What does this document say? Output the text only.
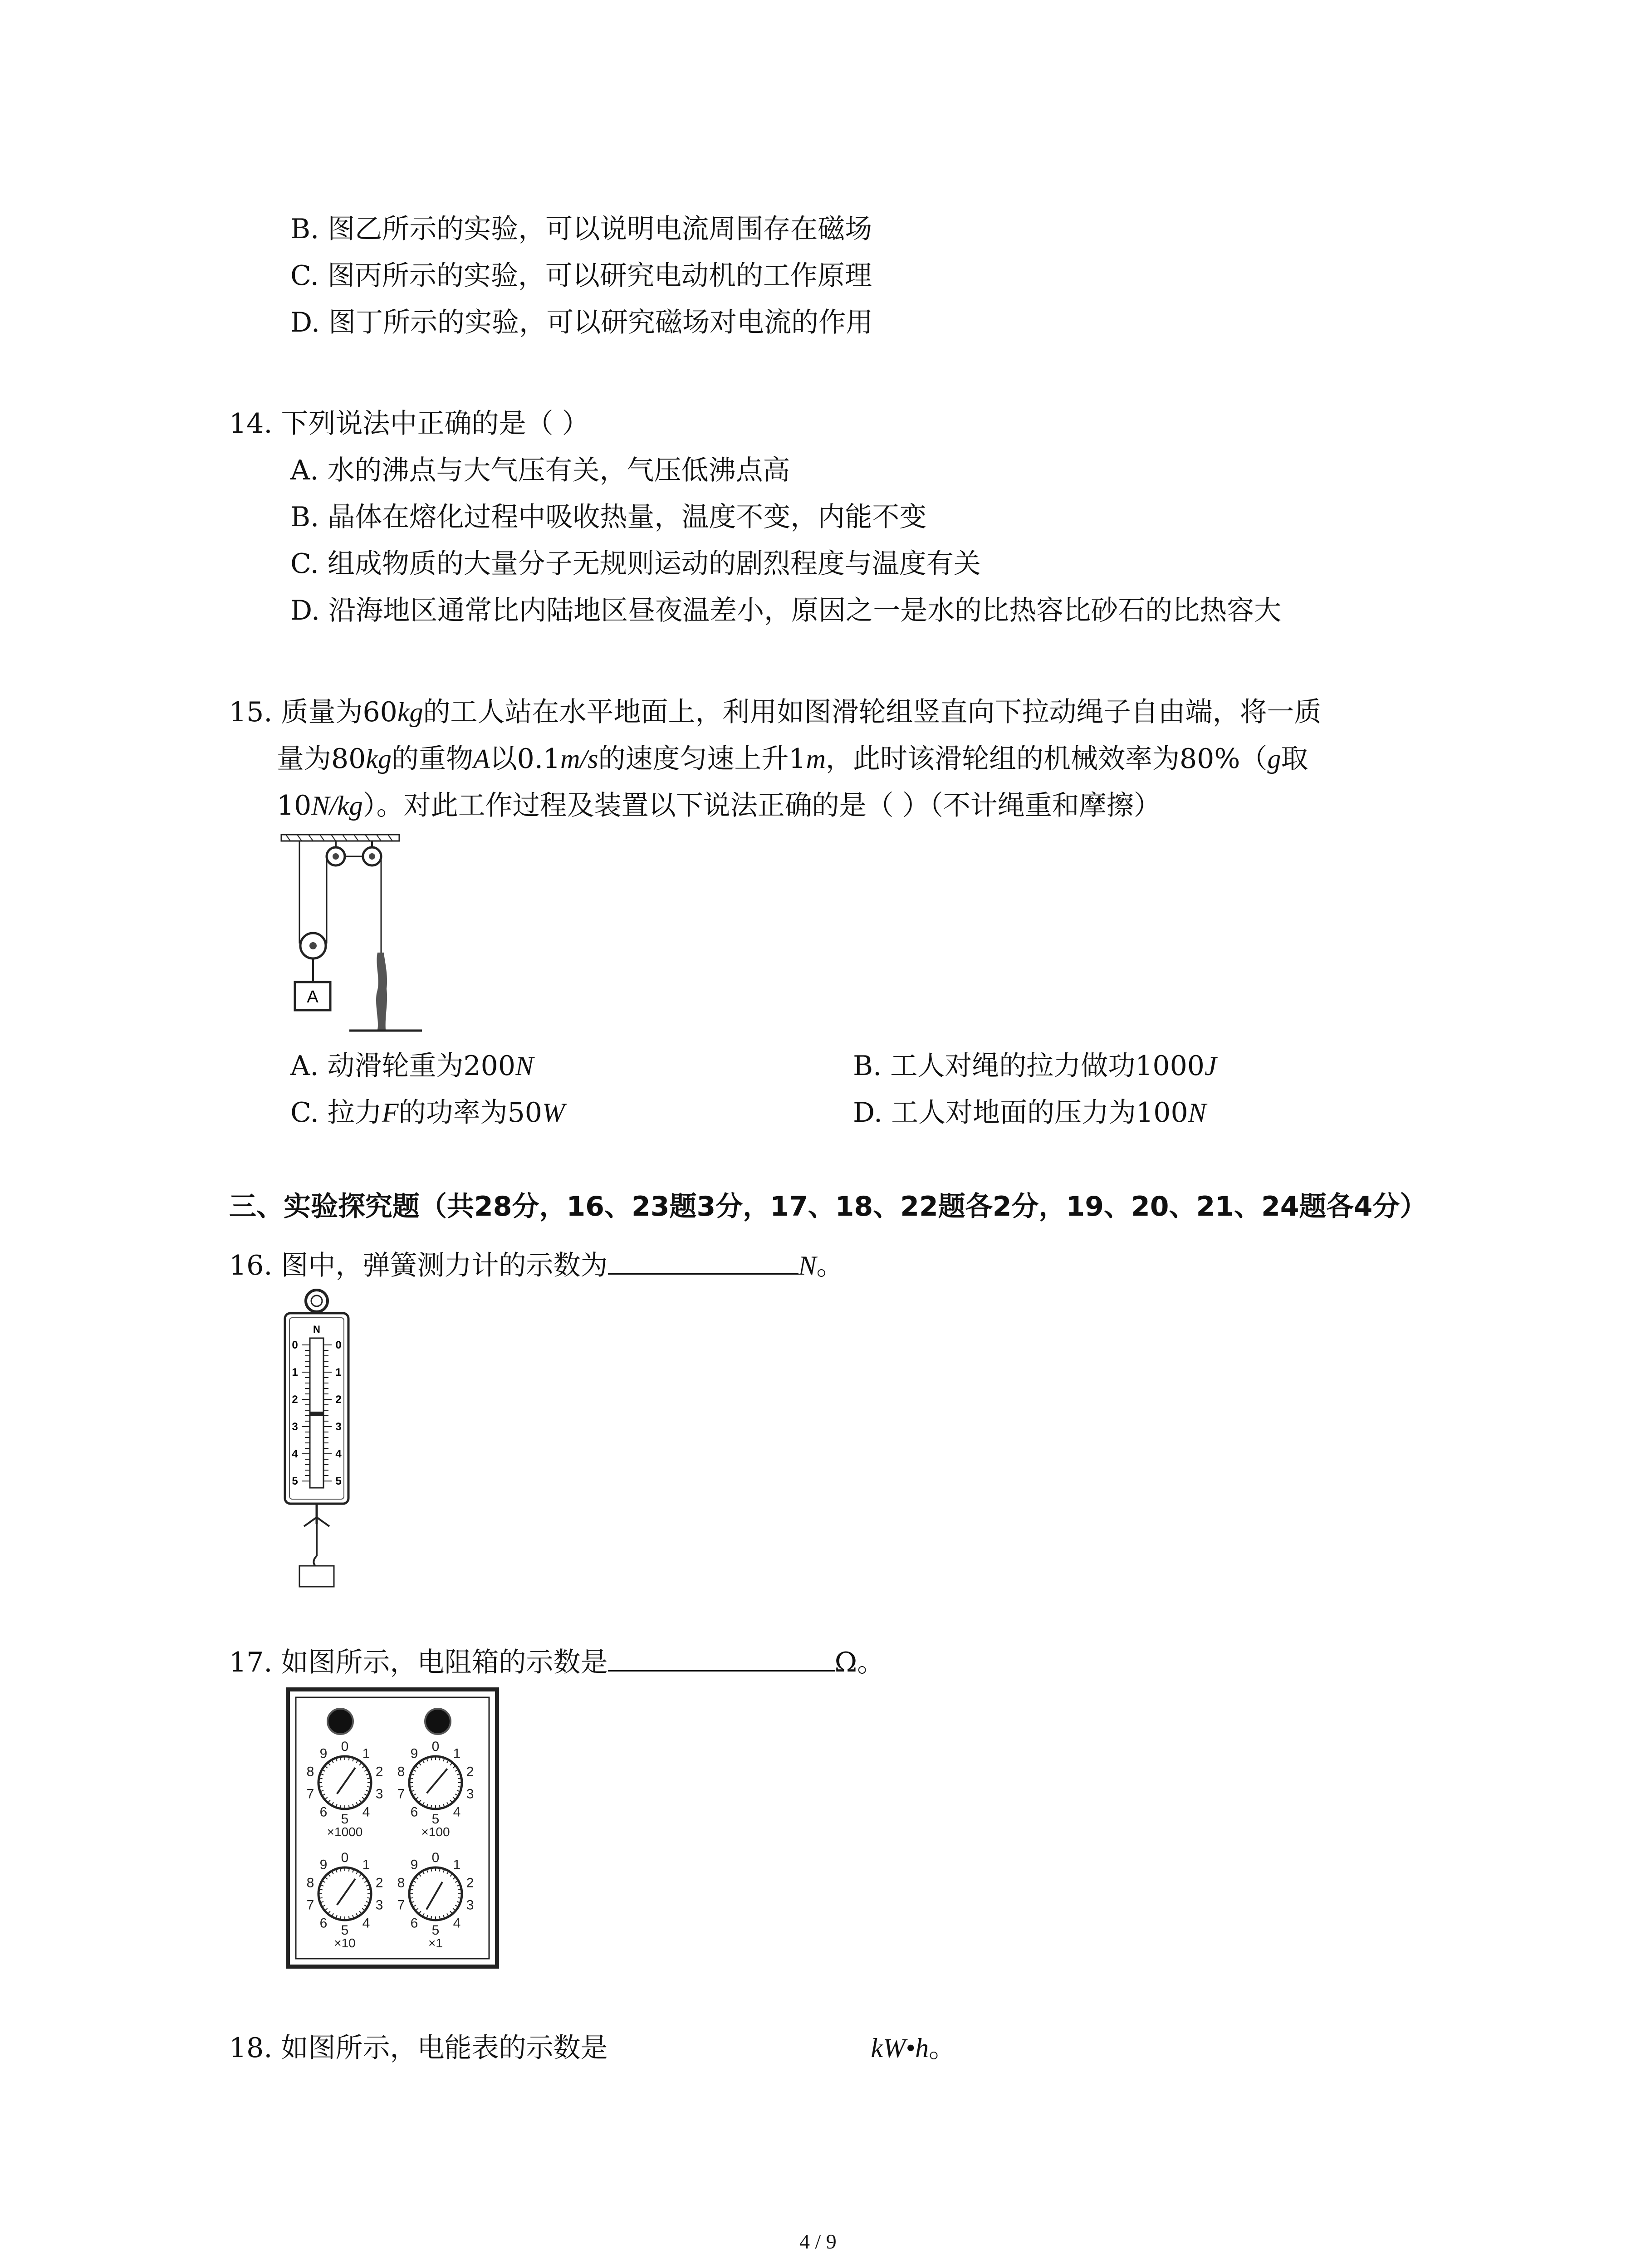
B. 图乙所示的实验，可以说明电流周围存在磁场
C. 图丙所示的实验，可以研究电动机的工作原理
D. 图丁所示的实验，可以研究磁场对电流的作用
14. 下列说法中正确的是（ ）
A. 水的沸点与大气压有关，气压低沸点高
B. 晶体在熔化过程中吸收热量，温度不变，内能不变
C. 组成物质的大量分子无规则运动的剧烈程度与温度有关
D. 沿海地区通常比内陆地区昼夜温差小，原因之一是水的比热容比砂石的比热容大
15. 质量为60kg的工人站在水平地面上，利用如图滑轮组竖直向下拉动绳子自由端，将一质
量为80kg的重物A以0.1m/s的速度匀速上升1m，此时该滑轮组的机械效率为80%（g取
10N/kg）。对此工作过程及装置以下说法正确的是（ ）（不计绳重和摩擦）
A
A. 动滑轮重为200N	B. 工人对绳的拉力做功1000J
C. 拉力F的功率为50W	D. 工人对地面的压力为100N
三、实验探究题（共28分，16、23题3分，17、18、22题各2分，19、20、21、24题各4分）
16. 图中，弹簧测力计的示数为	N。
N
0
1
2
3
4
5
0
1
2
3
4
5
17. 如图所示，电阻箱的示数是	Ω。
0 1
2
3
4
5
6
7
8
9
×1000
0 1
2
3
4
5
6
7
8
9
×100
0 1
2
3
4
5
6
7
8
9
×10
0 1
2
3
4
5
6
7
8
9
×1
18. 如图所示，电能表的示数是	kW•h。
4 / 9
